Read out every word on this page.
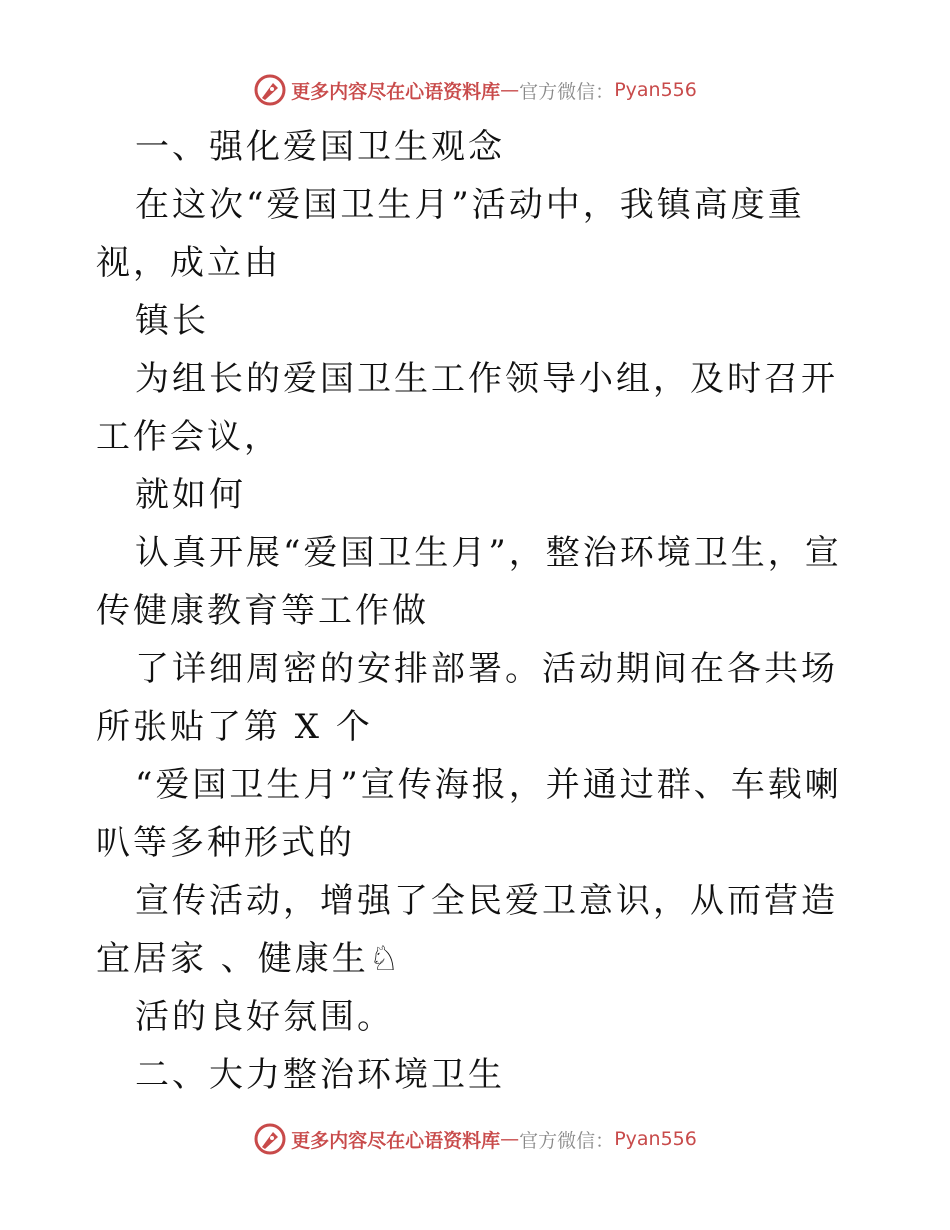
更多内容尽在心语资料库 — 官方微信： Pyan556

一、强化爱国卫生观念

在这次“爱国卫生月”活动中，我镇高度重视，成立由

镇长

为组长的爱国卫生工作领导小组，及时召开工作会议，

就如何

认真开展“爱国卫生月”，整治环境卫生，宣传健康教育等工作做

了详细周密的安排部署。活动期间在各共场所张贴了第 X 个

“爱国卫生月”宣传海报，并通过群、车载喇叭等多种形式的

宣传活动，增强了全民爱卫意识，从而营造宜居家 、健康生♘

活的良好氛围。

二、大力整治环境卫生

更多内容尽在心语资料库 — 官方微信： Pyan556
